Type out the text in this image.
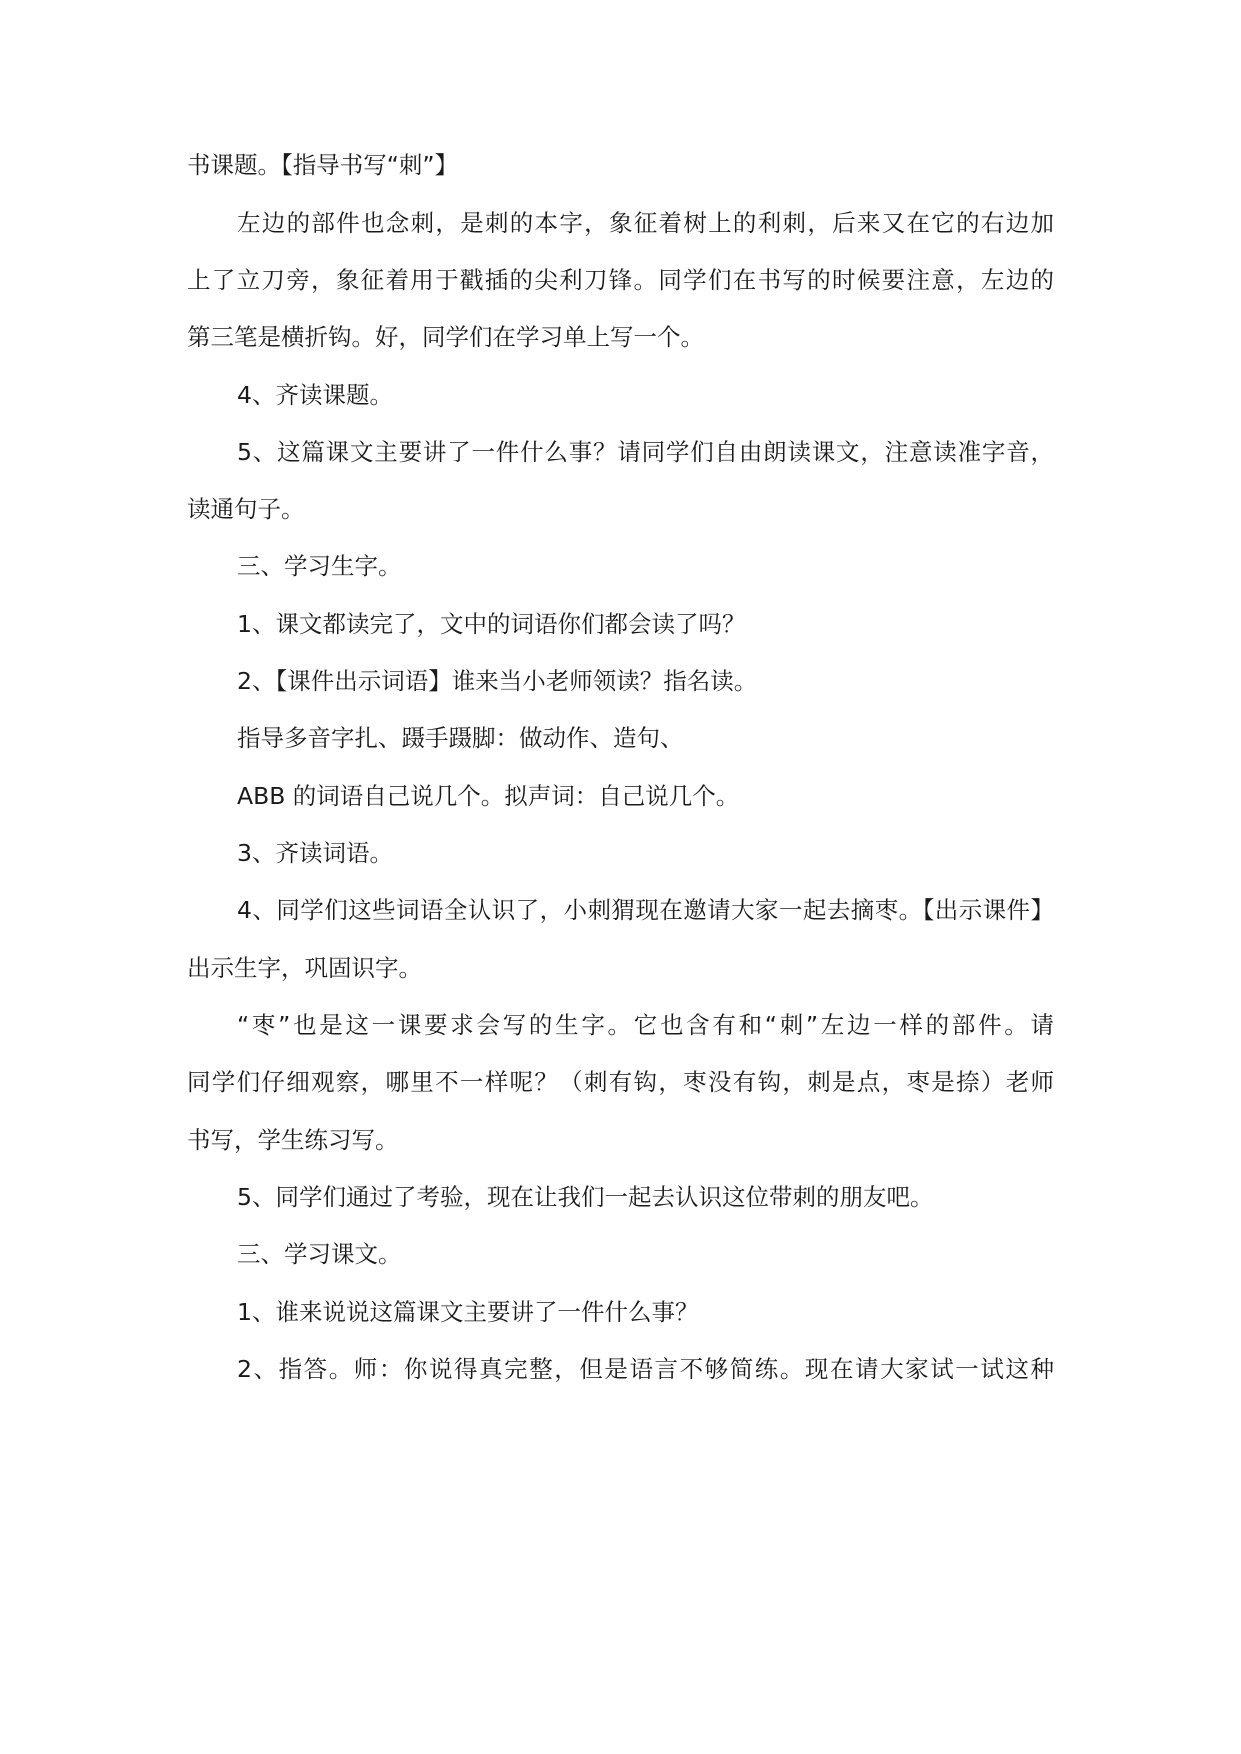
书课题。【指导书写“刺”】
左边的部件也念刺，是刺的本字，象征着树上的利刺，后来又在它的右边加
上了立刀旁，象征着用于戳插的尖利刀锋。同学们在书写的时候要注意，左边的
第三笔是横折钩。好，同学们在学习单上写一个。
4、齐读课题。
5、这篇课文主要讲了一件什么事？请同学们自由朗读课文，注意读准字音，
读通句子。
三、学习生字。
1、课文都读完了，文中的词语你们都会读了吗？
2、【课件出示词语】谁来当小老师领读？指名读。
指导多音字扎、蹑手蹑脚：做动作、造句、
ABB 的词语自己说几个。拟声词：自己说几个。
3、齐读词语。
4、同学们这些词语全认识了，小刺猬现在邀请大家一起去摘枣。【出示课件】
出示生字，巩固识字。
“枣”也是这一课要求会写的生字。它也含有和“刺”左边一样的部件。请
同学们仔细观察，哪里不一样呢？（刺有钩，枣没有钩，刺是点，枣是捺）老师
书写，学生练习写。
5、同学们通过了考验，现在让我们一起去认识这位带刺的朋友吧。
三、学习课文。
1、谁来说说这篇课文主要讲了一件什么事？
2、指答。师：你说得真完整，但是语言不够简练。现在请大家试一试这种
